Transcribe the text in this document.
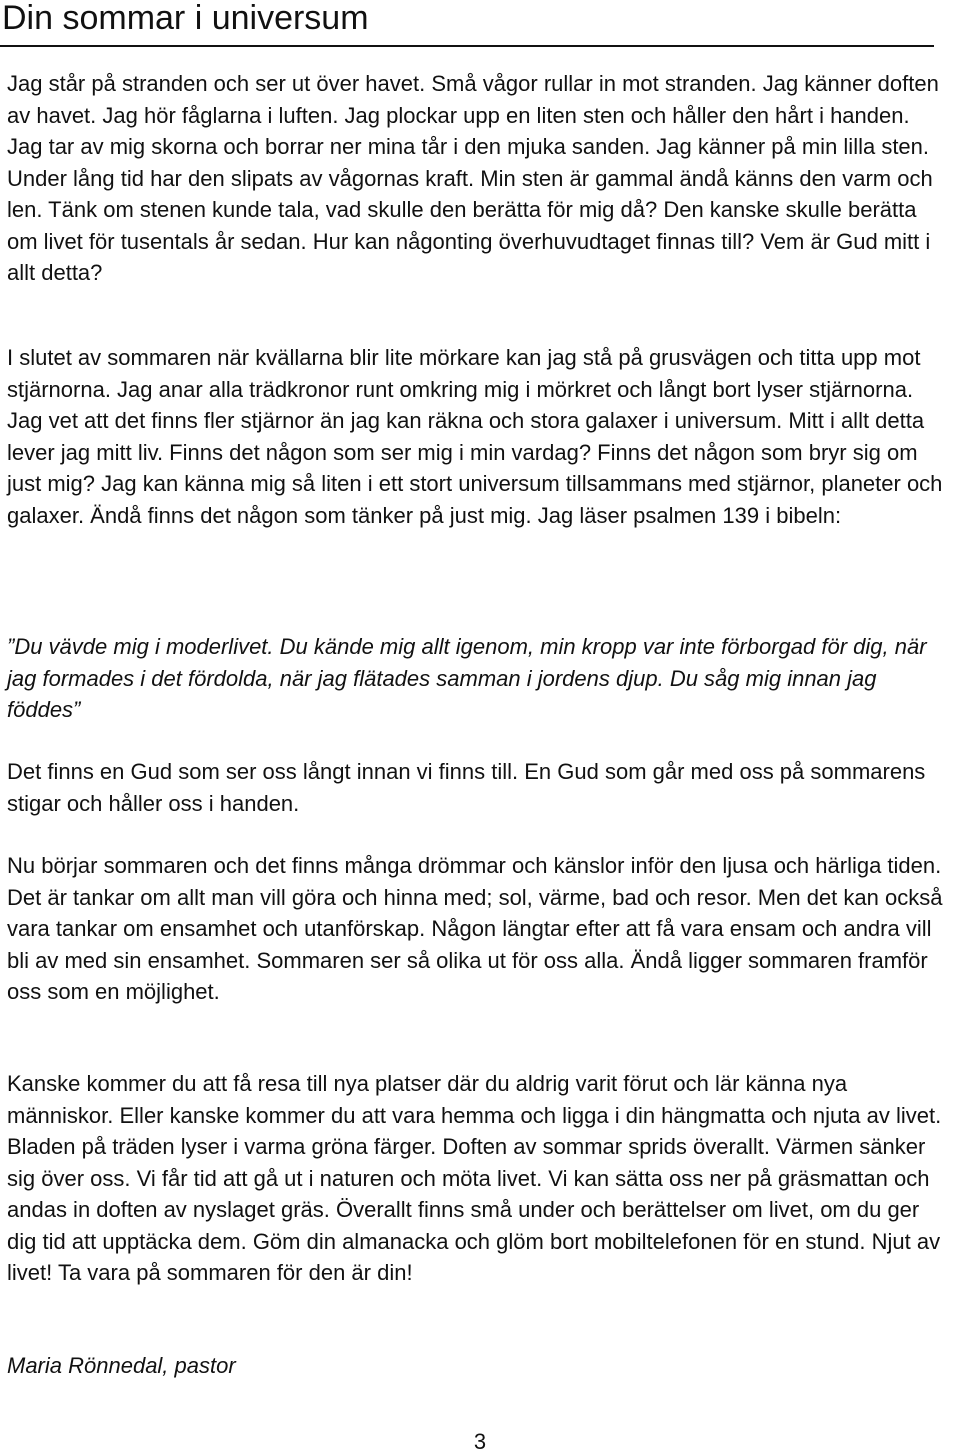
Din sommar i universum

Jag står på stranden och ser ut över havet. Små vågor rullar in mot stranden. Jag känner doften av havet. Jag hör fåglarna i luften. Jag plockar upp en liten sten och håller den hårt i handen. Jag tar av mig skorna och borrar ner mina tår i den mjuka sanden. Jag känner på min lilla sten. Under lång tid har den slipats av vågornas kraft. Min sten är gammal ändå känns den varm och len. Tänk om stenen kunde tala, vad skulle den berätta för mig då? Den kanske skulle berätta om livet för tusentals år sedan. Hur kan någonting överhuvudtaget finnas till? Vem är Gud mitt i allt detta?

I slutet av sommaren när kvällarna blir lite mörkare kan jag stå på grusvägen och titta upp mot stjärnorna. Jag anar alla trädkronor runt omkring mig i mörkret och långt bort lyser stjärnorna. Jag vet att det finns fler stjärnor än jag kan räkna och stora galaxer i universum. Mitt i allt detta lever jag mitt liv. Finns det någon som ser mig i min vardag? Finns det någon som bryr sig om just mig? Jag kan känna mig så liten i ett stort universum tillsammans med stjärnor, planeter och galaxer. Ändå finns det någon som tänker på just mig. Jag läser psalmen 139 i bibeln:

”Du vävde mig i moderlivet. Du kände mig allt igenom, min kropp var inte förborgad för dig, när jag formades i det fördolda, när jag flätades samman i jordens djup. Du såg mig innan jag föddes”

Det finns en Gud som ser oss långt innan vi finns till. En Gud som går med oss på sommarens stigar och håller oss i handen.

Nu börjar sommaren och det finns många drömmar och känslor inför den ljusa och härliga tiden. Det är tankar om allt man vill göra och hinna med; sol, värme, bad och resor. Men det kan också vara tankar om ensamhet och utanförskap. Någon längtar efter att få vara ensam och andra vill bli av med sin ensamhet. Sommaren ser så olika ut för oss alla. Ändå ligger sommaren framför oss som en möjlighet.

Kanske kommer du att få resa till nya platser där du aldrig varit förut och lär känna nya människor. Eller kanske kommer du att vara hemma och ligga i din hängmatta och njuta av livet. Bladen på träden lyser i varma gröna färger. Doften av sommar sprids överallt. Värmen sänker sig över oss. Vi får tid att gå ut i naturen och möta livet. Vi kan sätta oss ner på gräsmattan och andas in doften av nyslaget gräs. Överallt finns små under och berättelser om livet, om du ger dig tid att upptäcka dem. Göm din almanacka och glöm bort mobiltelefonen för en stund. Njut av livet! Ta vara på sommaren för den är din!

Maria Rönnedal, pastor

3
